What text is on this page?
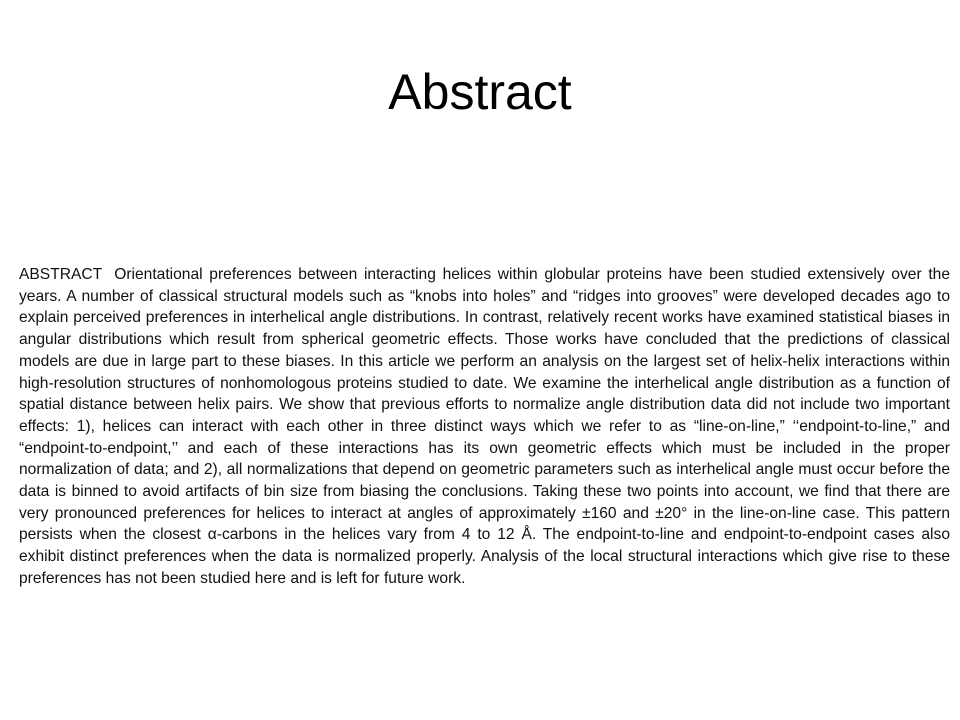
Abstract

ABSTRACT Orientational preferences between interacting helices within globular proteins have been studied extensively over the years. A number of classical structural models such as “knobs into holes” and “ridges into grooves” were developed decades ago to explain perceived preferences in interhelical angle distributions. In contrast, relatively recent works have examined statistical biases in angular distributions which result from spherical geometric effects. Those works have concluded that the predictions of classical models are due in large part to these biases. In this article we perform an analysis on the largest set of helix-helix interactions within high-resolution structures of nonhomologous proteins studied to date. We examine the interhelical angle distribution as a function of spatial distance between helix pairs. We show that previous efforts to normalize angle distribution data did not include two important effects: 1), helices can interact with each other in three distinct ways which we refer to as “line-on-line,” ‘‘endpoint-to-line,” and “endpoint-to-endpoint,’’ and each of these interactions has its own geometric effects which must be included in the proper normalization of data; and 2), all normalizations that depend on geometric parameters such as interhelical angle must occur before the data is binned to avoid artifacts of bin size from biasing the conclusions. Taking these two points into account, we find that there are very pronounced preferences for helices to interact at angles of approximately ±160 and ±20° in the line-on-line case. This pattern persists when the closest α-carbons in the helices vary from 4 to 12 Å. The endpoint-to-line and endpoint-to-endpoint cases also exhibit distinct preferences when the data is normalized properly. Analysis of the local structural interactions which give rise to these preferences has not been studied here and is left for future work.
